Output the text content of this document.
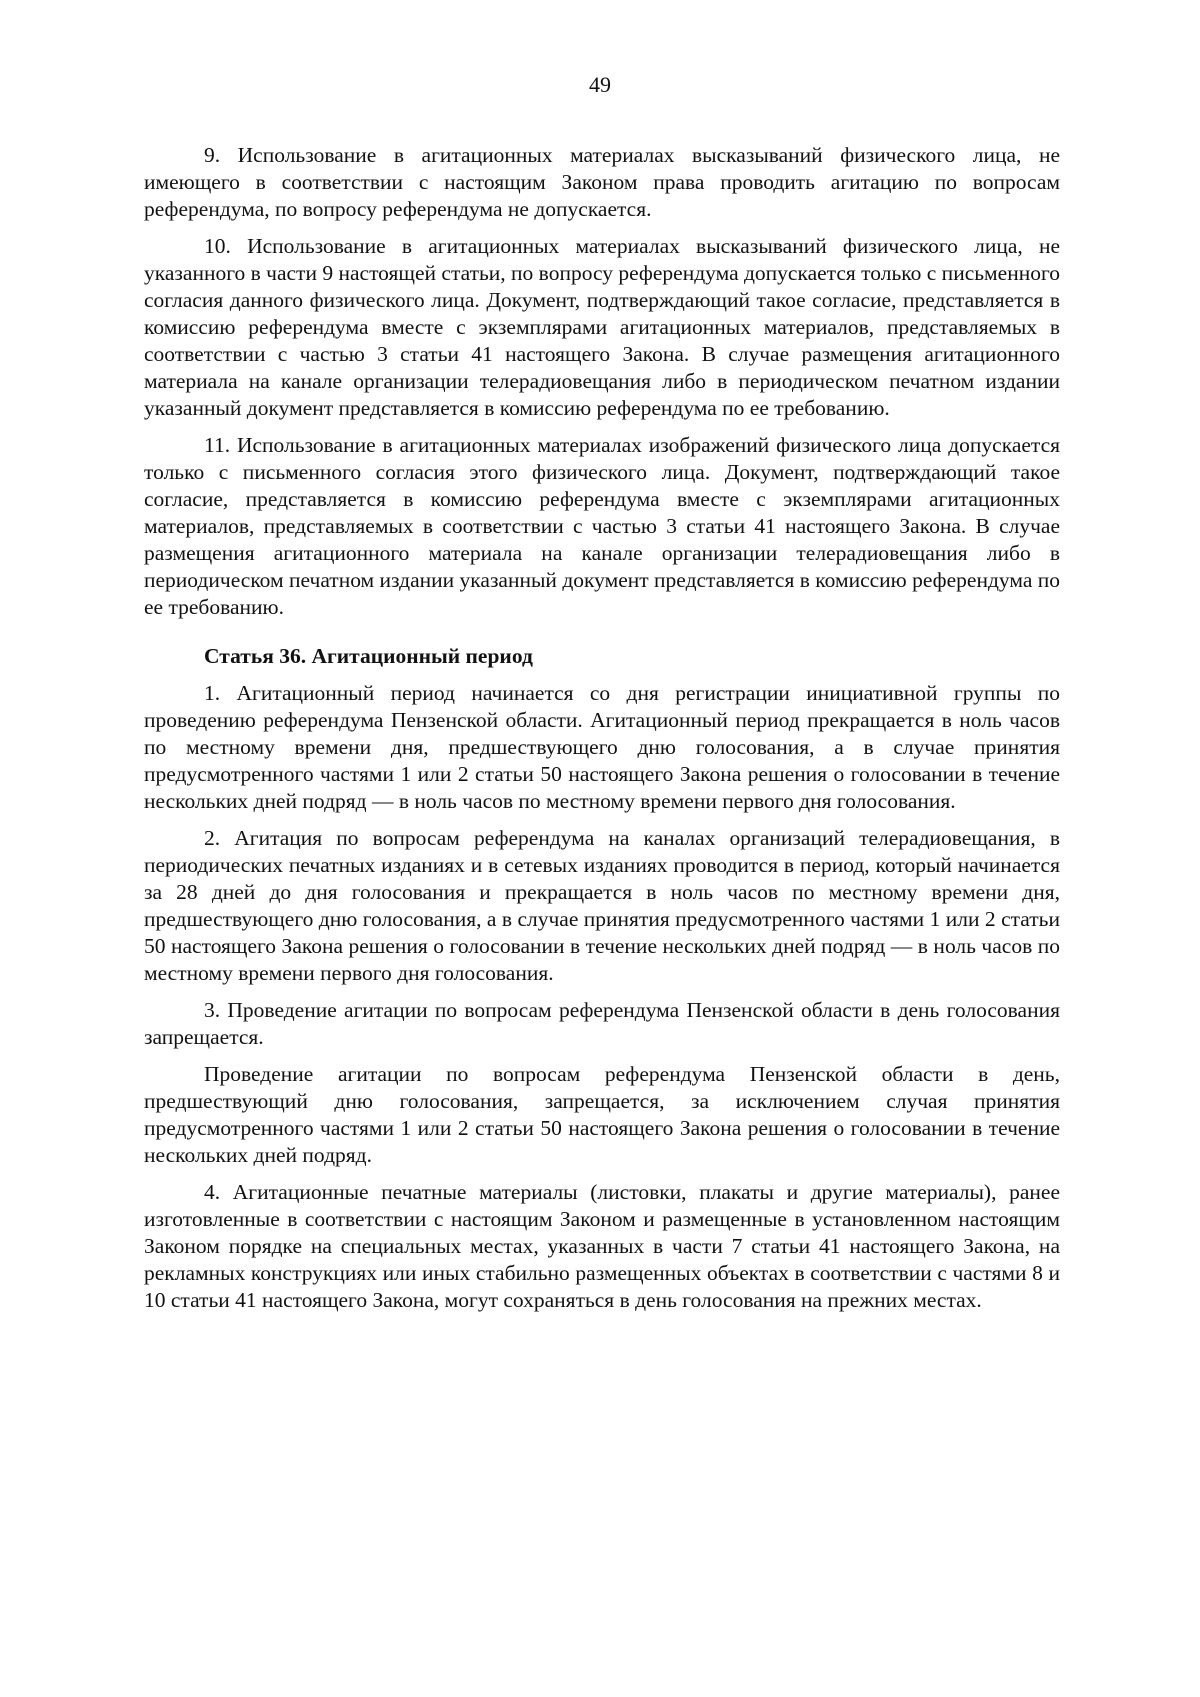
49

9. Использование в агитационных материалах высказываний физического лица, не имеющего в соответствии с настоящим Законом права проводить агитацию по вопросам референдума, по вопросу референдума не допускается.

10. Использование в агитационных материалах высказываний физического лица, не указанного в части 9 настоящей статьи, по вопросу референдума допускается только с письменного согласия данного физического лица. Документ, подтверждающий такое согласие, представляется в комиссию референдума вместе с экземплярами агитационных материалов, представляемых в соответствии с частью 3 статьи 41 настоящего Закона. В случае размещения агитационного материала на канале организации телерадиовещания либо в периодическом печатном издании указанный документ представляется в комиссию референдума по ее требованию.

11. Использование в агитационных материалах изображений физического лица допускается только с письменного согласия этого физического лица. Документ, подтверждающий такое согласие, представляется в комиссию референдума вместе с экземплярами агитационных материалов, представляемых в соответствии с частью 3 статьи 41 настоящего Закона. В случае размещения агитационного материала на канале организации телерадиовещания либо в периодическом печатном издании указанный документ представляется в комиссию референдума по ее требованию.

Статья 36. Агитационный период

1. Агитационный период начинается со дня регистрации инициативной группы по проведению референдума Пензенской области. Агитационный период прекращается в ноль часов по местному времени дня, предшествующего дню голосования, а в случае принятия предусмотренного частями 1 или 2 статьи 50 настоящего Закона решения о голосовании в течение нескольких дней подряд — в ноль часов по местному времени первого дня голосования.

2. Агитация по вопросам референдума на каналах организаций телерадиовещания, в периодических печатных изданиях и в сетевых изданиях проводится в период, который начинается за 28 дней до дня голосования и прекращается в ноль часов по местному времени дня, предшествующего дню голосования, а в случае принятия предусмотренного частями 1 или 2 статьи 50 настоящего Закона решения о голосовании в течение нескольких дней подряд — в ноль часов по местному времени первого дня голосования.

3. Проведение агитации по вопросам референдума Пензенской области в день голосования запрещается.

Проведение агитации по вопросам референдума Пензенской области в день, предшествующий дню голосования, запрещается, за исключением случая принятия предусмотренного частями 1 или 2 статьи 50 настоящего Закона решения о голосовании в течение нескольких дней подряд.

4. Агитационные печатные материалы (листовки, плакаты и другие материалы), ранее изготовленные в соответствии с настоящим Законом и размещенные в установленном настоящим Законом порядке на специальных местах, указанных в части 7 статьи 41 настоящего Закона, на рекламных конструкциях или иных стабильно размещенных объектах в соответствии с частями 8 и 10 статьи 41 настоящего Закона, могут сохраняться в день голосования на прежних местах.
